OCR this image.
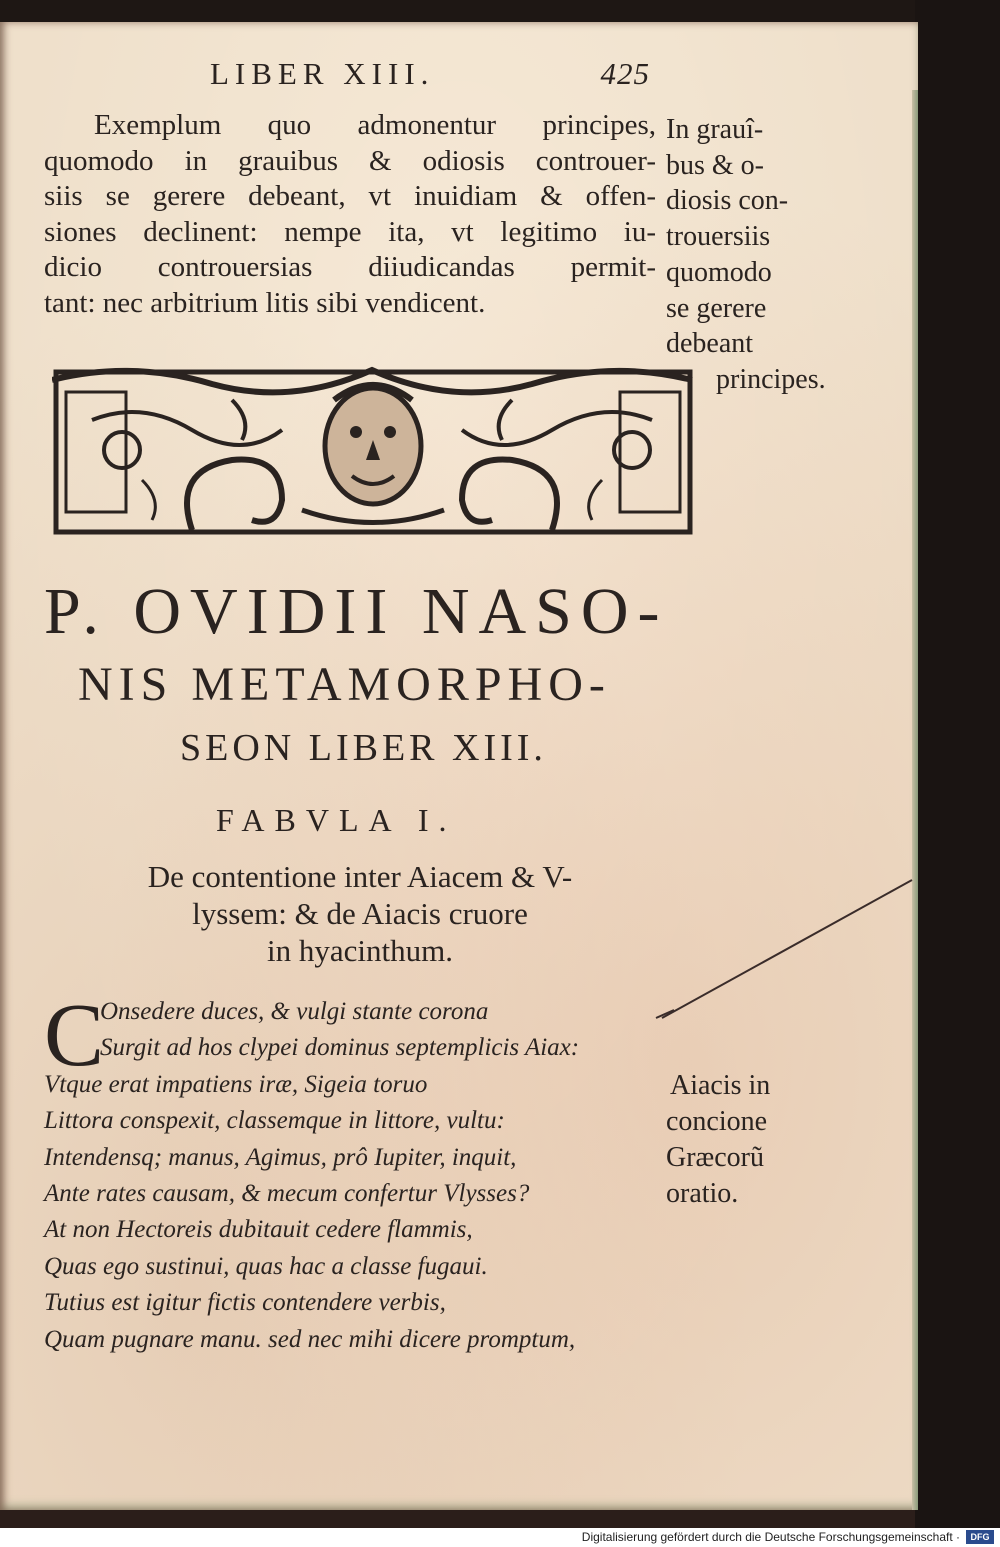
LIBER XIII.	425
Exemplum quo admonentur principes,
quomodo in grauibus & odiosis controuer-
siis se gerere debeant, vt inuidiam & offen-
siones declinent: nempe ita, vt legitimo iu-
dicio controuersias diiudicandas permit-
tant: nec arbitrium litis sibi vendicent.
In grauî-
bus & o-
diosis con-
trouersiis
quomodo
se gerere
debeant
principes.
P. OVIDII NASO-
NIS METAMORPHO-
SEON LIBER XIII.
FABVLA I.
De contentione inter Aiacem & V-
lyssem: & de Aiacis cruore
in hyacinthum.
C
Onsedere duces, & vulgi stante corona
Surgit ad hos clypei dominus septemplicis Aiax:
Vtque erat impatiens iræ, Sigeia toruo
Littora conspexit, classemque in littore, vultu:
Intendensq; manus, Agimus, prô Iupiter, inquit,
Ante rates causam, & mecum confertur Vlysses?
At non Hectoreis dubitauit cedere flammis,
Quas ego sustinui, quas hac a classe fugaui.
Tutius est igitur fictis contendere verbis,
Quam pugnare manu. sed nec mihi dicere promptum,
Aiacis in
concione
Græcorũ
oratio.
Digitalisierung gefördert durch die Deutsche Forschungsgemeinschaft ·	DFG
